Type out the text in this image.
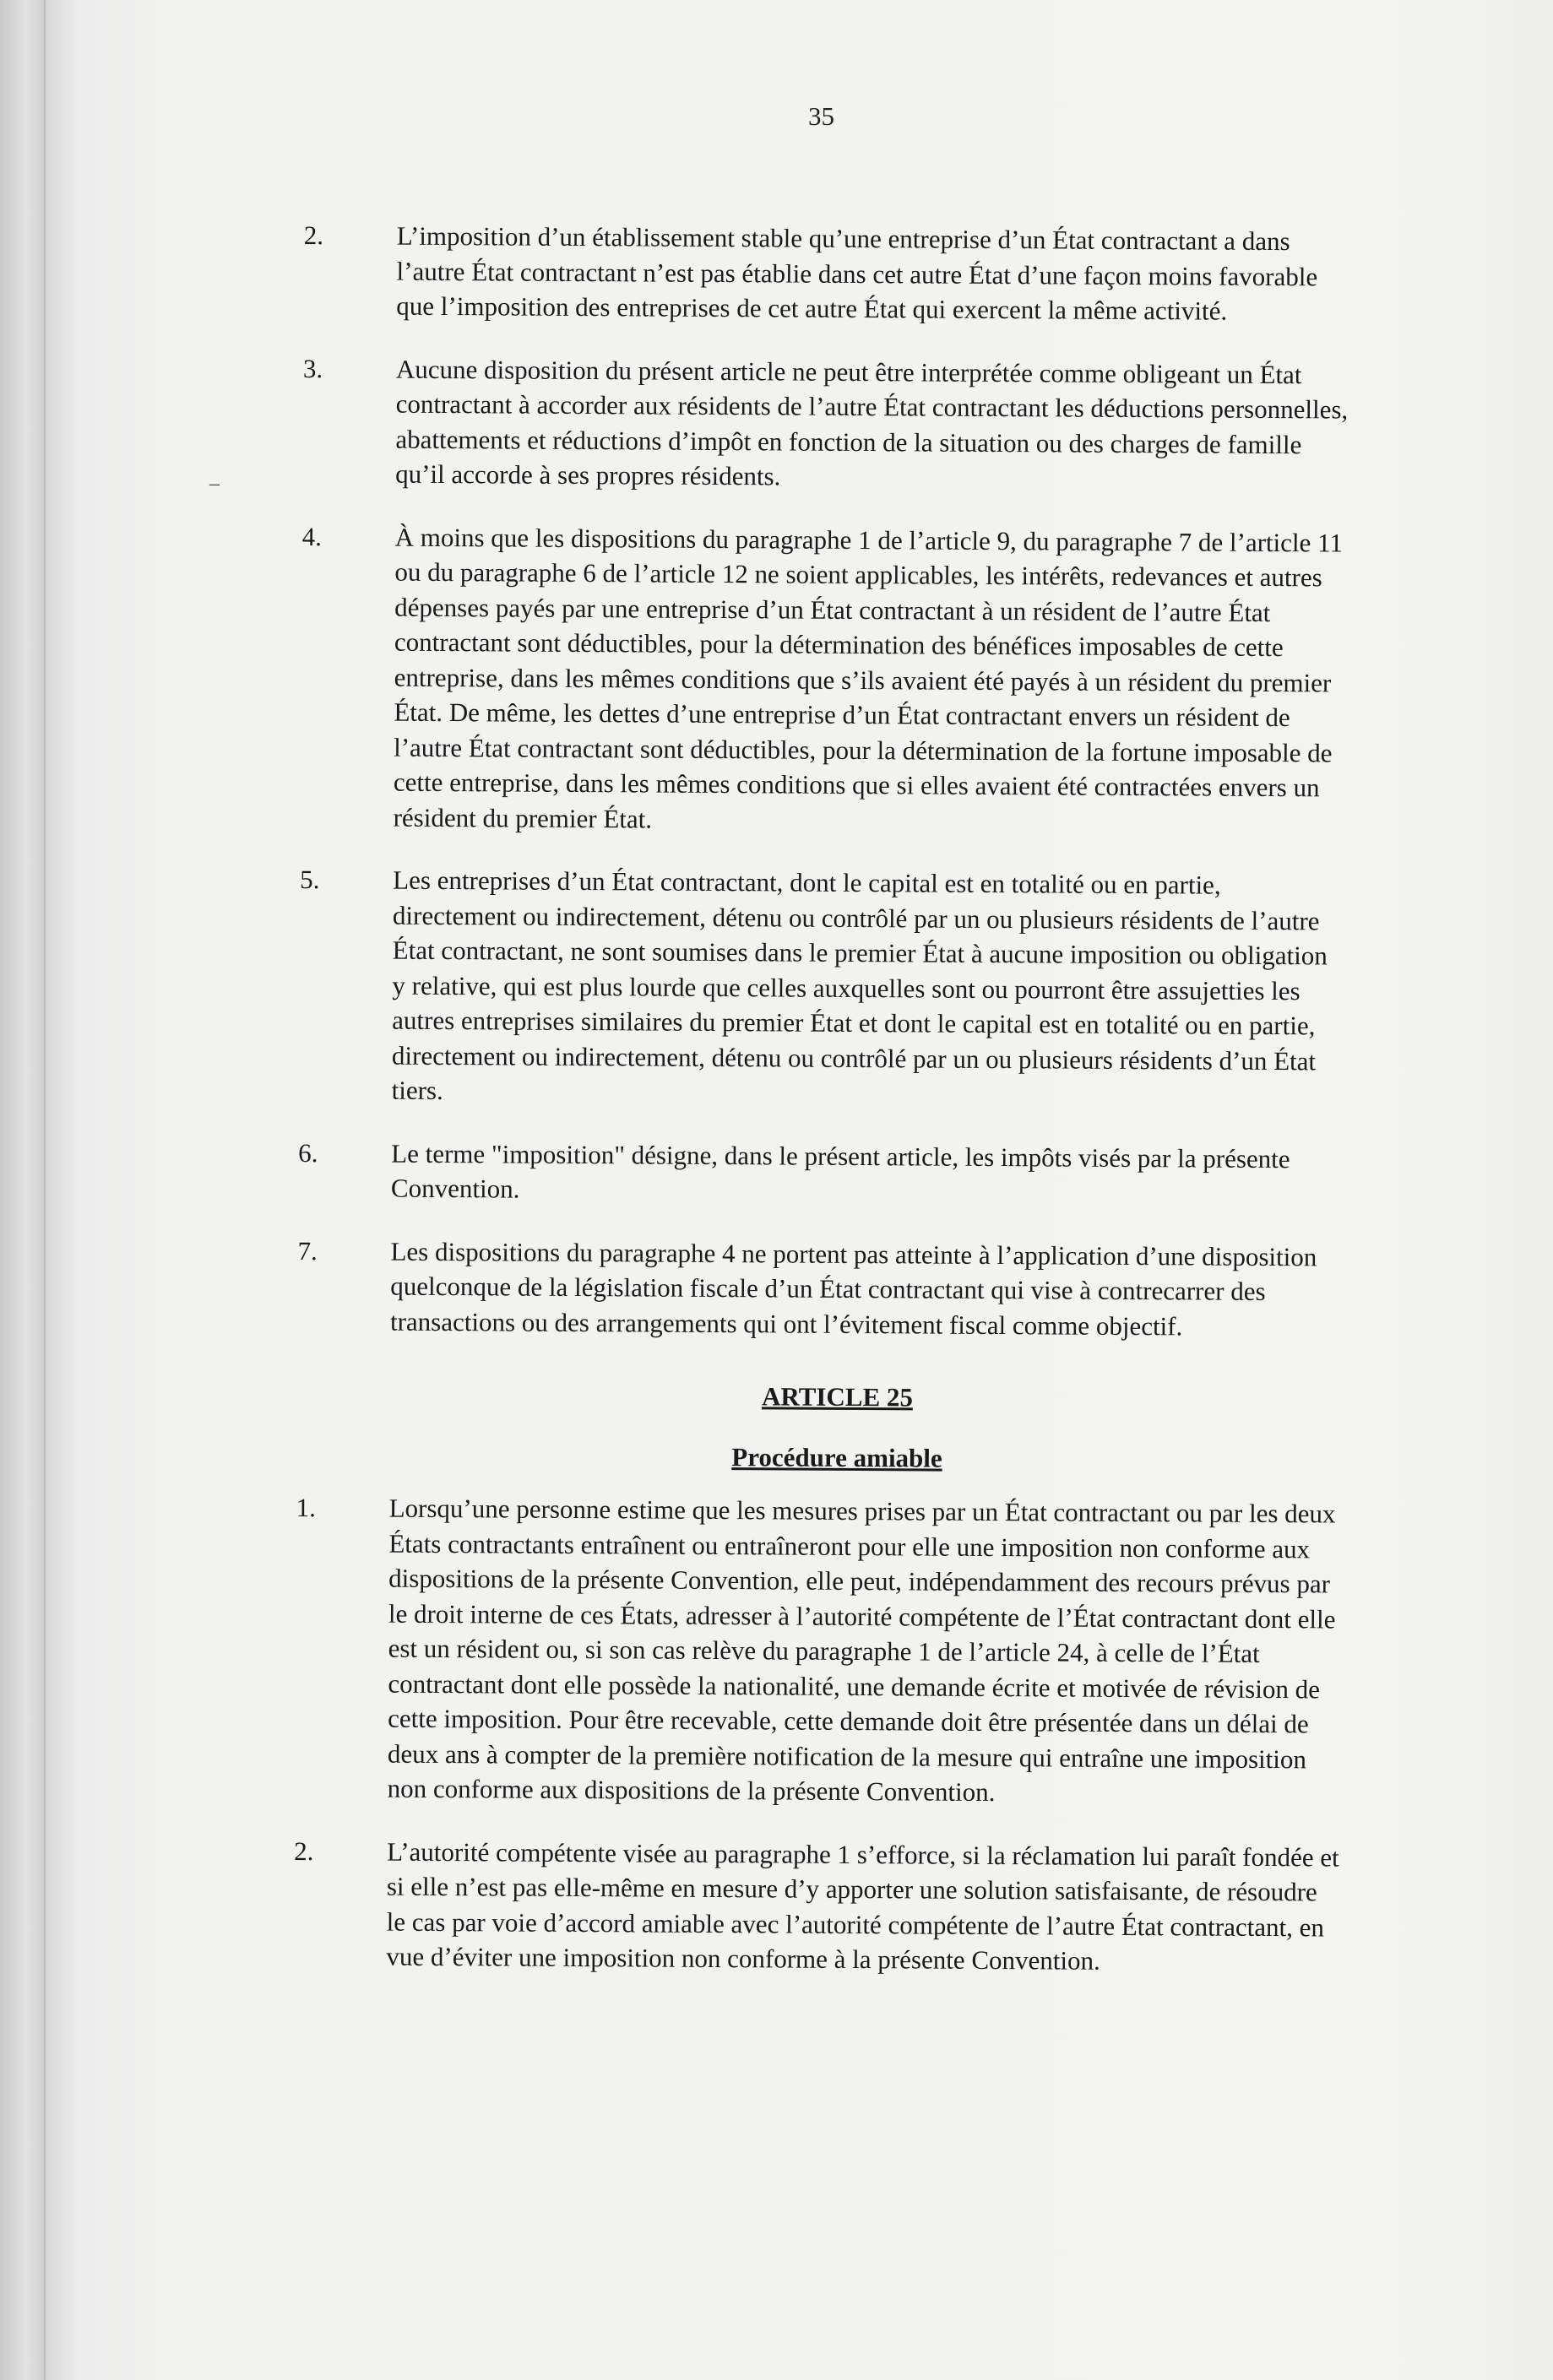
35

–
2.	L’imposition d’un établissement stable qu’une entreprise d’un État contractant a dans l’autre État contractant n’est pas établie dans cet autre État d’une façon moins favorable que l’imposition des entreprises de cet autre État qui exercent la même activité.

3.	Aucune disposition du présent article ne peut être interprétée comme obligeant un État contractant à accorder aux résidents de l’autre État contractant les déductions personnelles, abattements et réductions d’impôt en fonction de la situation ou des charges de famille qu’il accorde à ses propres résidents.

4.	À moins que les dispositions du paragraphe 1 de l’article 9, du paragraphe 7 de l’article 11 ou du paragraphe 6 de l’article 12 ne soient applicables, les intérêts, redevances et autres dépenses payés par une entreprise d’un État contractant à un résident de l’autre État contractant sont déductibles, pour la détermination des bénéfices imposables de cette entreprise, dans les mêmes conditions que s’ils avaient été payés à un résident du premier État. De même, les dettes d’une entreprise d’un État contractant envers un résident de l’autre État contractant sont déductibles, pour la détermination de la fortune imposable de cette entreprise, dans les mêmes conditions que si elles avaient été contractées envers un résident du premier État.

5.	Les entreprises d’un État contractant, dont le capital est en totalité ou en partie, directement ou indirectement, détenu ou contrôlé par un ou plusieurs résidents de l’autre État contractant, ne sont soumises dans le premier État à aucune imposition ou obligation y relative, qui est plus lourde que celles auxquelles sont ou pourront être assujetties les autres entreprises similaires du premier État et dont le capital est en totalité ou en partie, directement ou indirectement, détenu ou contrôlé par un ou plusieurs résidents d’un État tiers.

6.	Le terme "imposition" désigne, dans le présent article, les impôts visés par la présente Convention.

7.	Les dispositions du paragraphe 4 ne portent pas atteinte à l’application d’une disposition quelconque de la législation fiscale d’un État contractant qui vise à contrecarrer des transactions ou des arrangements qui ont l’évitement fiscal comme objectif.

ARTICLE 25

Procédure amiable

1.	Lorsqu’une personne estime que les mesures prises par un État contractant ou par les deux États contractants entraînent ou entraîneront pour elle une imposition non conforme aux dispositions de la présente Convention, elle peut, indépendamment des recours prévus par le droit interne de ces États, adresser à l’autorité compétente de l’État contractant dont elle est un résident ou, si son cas relève du paragraphe 1 de l’article 24, à celle de l’État contractant dont elle possède la nationalité, une demande écrite et motivée de révision de cette imposition. Pour être recevable, cette demande doit être présentée dans un délai de deux ans à compter de la première notification de la mesure qui entraîne une imposition non conforme aux dispositions de la présente Convention.

2.	L’autorité compétente visée au paragraphe 1 s’efforce, si la réclamation lui paraît fondée et si elle n’est pas elle-même en mesure d’y apporter une solution satisfaisante, de résoudre le cas par voie d’accord amiable avec l’autorité compétente de l’autre État contractant, en vue d’éviter une imposition non conforme à la présente Convention.
